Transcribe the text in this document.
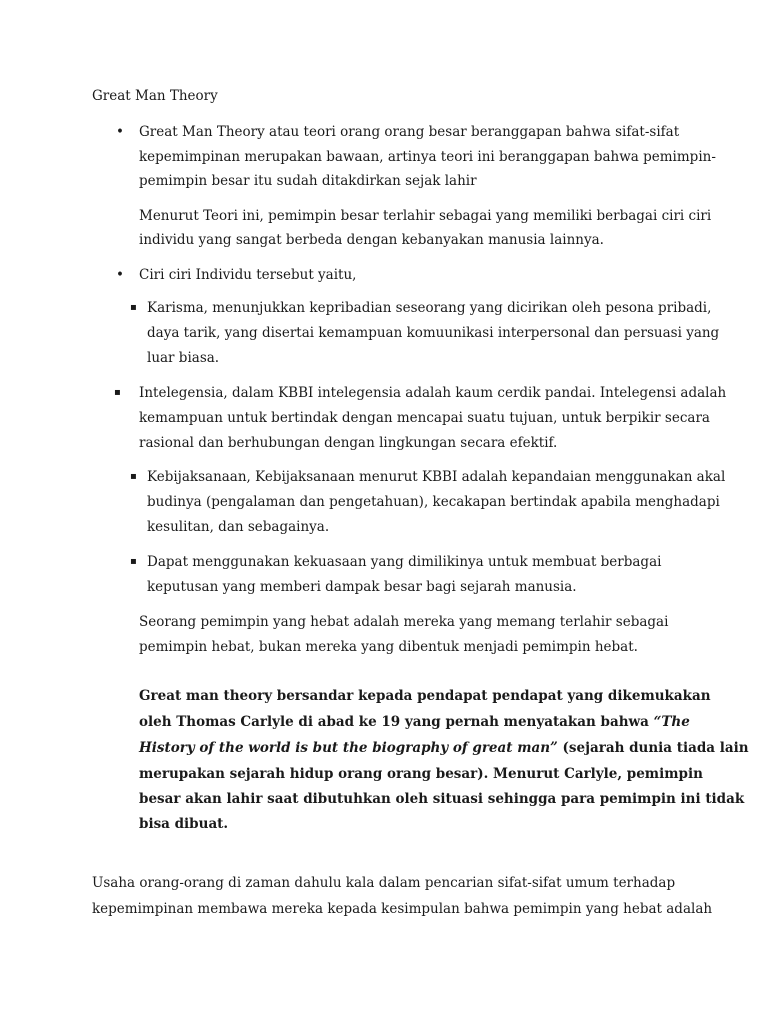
Great Man Theory
• Great Man Theory atau teori orang orang besar beranggapan bahwa sifat-sifat
kepemimpinan merupakan bawaan, artinya teori ini beranggapan bahwa pemimpin-
pemimpin besar itu sudah ditakdirkan sejak lahir
Menurut Teori ini, pemimpin besar terlahir sebagai yang memiliki berbagai ciri ciri
individu yang sangat berbeda dengan kebanyakan manusia lainnya.
• Ciri ciri Individu tersebut yaitu,
▪ Karisma, menunjukkan kepribadian seseorang yang dicirikan oleh pesona pribadi,
daya tarik, yang disertai kemampuan komuunikasi interpersonal dan persuasi yang
luar biasa.
▪ Intelegensia, dalam KBBI intelegensia adalah kaum cerdik pandai. Intelegensi adalah
kemampuan untuk bertindak dengan mencapai suatu tujuan, untuk berpikir secara
rasional dan berhubungan dengan lingkungan secara efektif.
▪ Kebijaksanaan, Kebijaksanaan menurut KBBI adalah kepandaian menggunakan akal
budinya (pengalaman dan pengetahuan), kecakapan bertindak apabila menghadapi
kesulitan, dan sebagainya.
▪ Dapat menggunakan kekuasaan yang dimilikinya untuk membuat berbagai
keputusan yang memberi dampak besar bagi sejarah manusia.
Seorang pemimpin yang hebat adalah mereka yang memang terlahir sebagai
pemimpin hebat, bukan mereka yang dibentuk menjadi pemimpin hebat.
Great man theory bersandar kepada pendapat pendapat yang dikemukakan
oleh Thomas Carlyle di abad ke 19 yang pernah menyatakan bahwa “The
History of the world is but the biography of great man” (sejarah dunia tiada lain
merupakan sejarah hidup orang orang besar). Menurut Carlyle, pemimpin
besar akan lahir saat dibutuhkan oleh situasi sehingga para pemimpin ini tidak
bisa dibuat.
Usaha orang-orang di zaman dahulu kala dalam pencarian sifat-sifat umum terhadap
kepemimpinan membawa mereka kepada kesimpulan bahwa pemimpin yang hebat adalah
